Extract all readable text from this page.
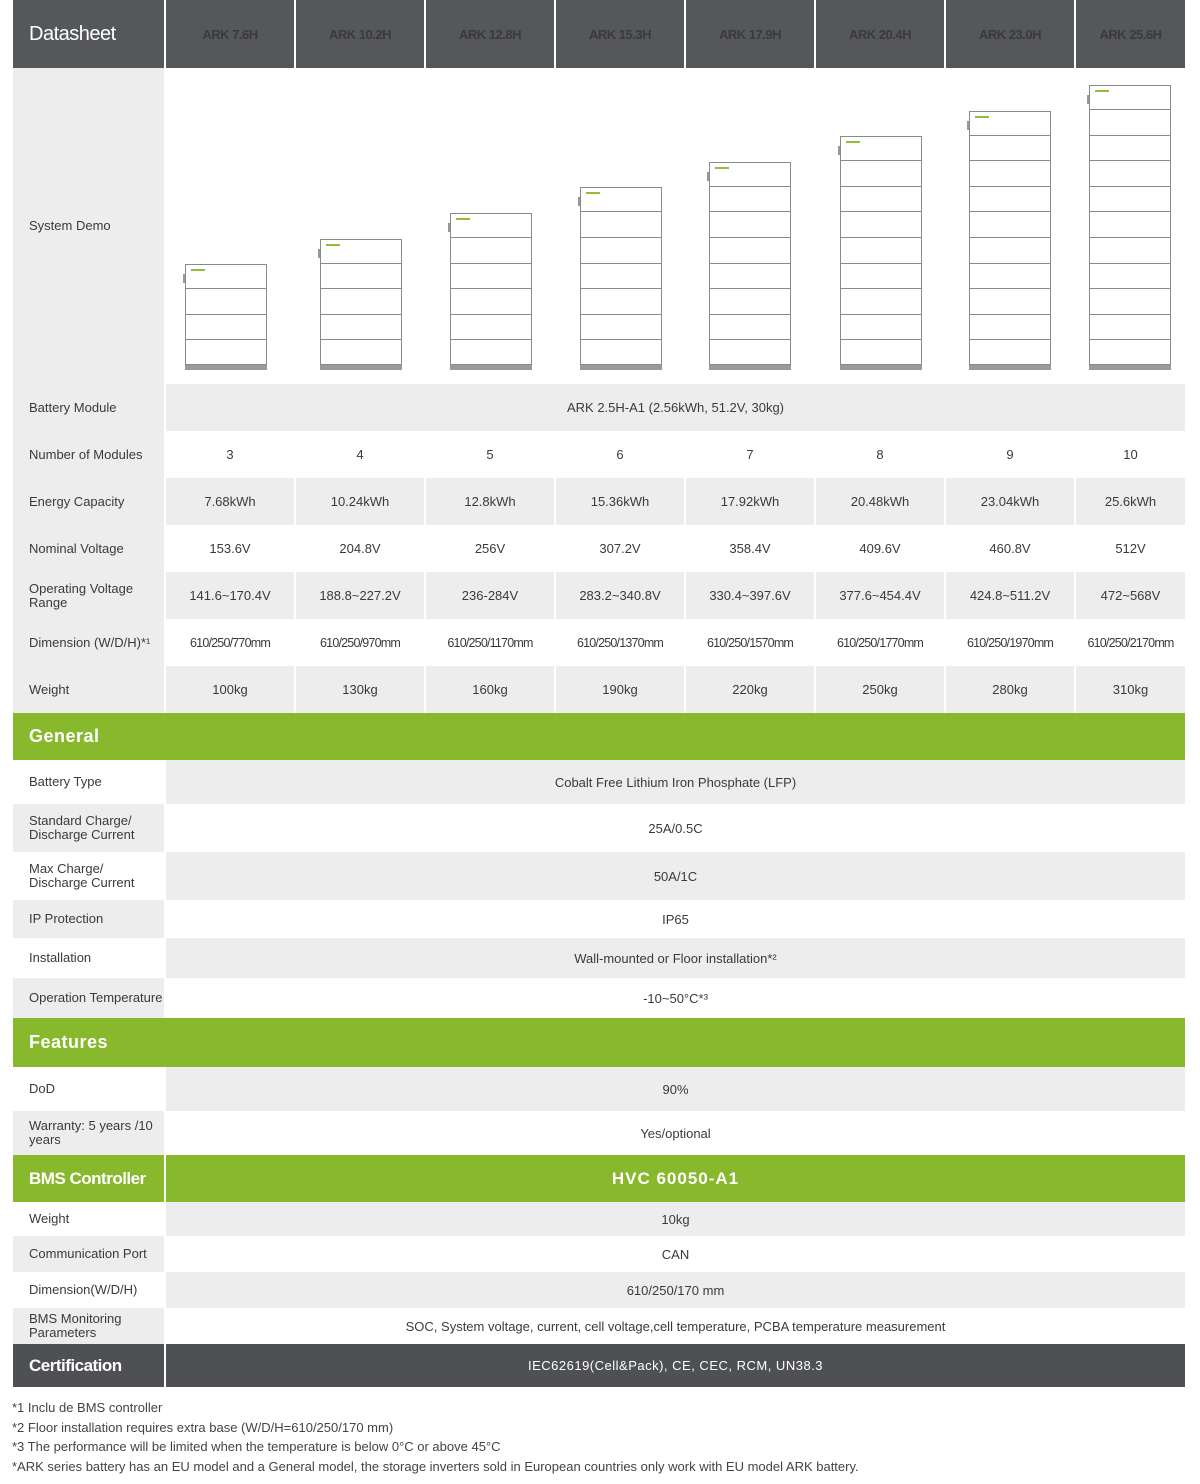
Datasheet	ARK 7.6H	ARK 10.2H	ARK 12.8H	ARK 15.3H	ARK 17.9H	ARK 20.4H	ARK 23.0H	ARK 25.6H
System Demo
Battery Module	ARK 2.5H-A1 (2.56kWh, 51.2V, 30kg)
Number of Modules	3	4	5	6	7	8	9	10
Energy Capacity	7.68kWh	10.24kWh	12.8kWh	15.36kWh	17.92kWh	20.48kWh	23.04kWh	25.6kWh
Nominal Voltage	153.6V	204.8V	256V	307.2V	358.4V	409.6V	460.8V	512V
Operating Voltage Range	141.6~170.4V	188.8~227.2V	236-284V	283.2~340.8V	330.4~397.6V	377.6~454.4V	424.8~511.2V	472~568V
Dimension (W/D/H)*¹	610/250/770mm	610/250/970mm	610/250/1170mm	610/250/1370mm	610/250/1570mm	610/250/1770mm	610/250/1970mm	610/250/2170mm
Weight	100kg	130kg	160kg	190kg	220kg	250kg	280kg	310kg
General
Battery Type	Cobalt Free Lithium Iron Phosphate (LFP)
Standard Charge/ Discharge Current	25A/0.5C
Max Charge/ Discharge Current	50A/1C
IP Protection	IP65
Installation	Wall-mounted or Floor installation*²
Operation Temperature	-10~50°C*³
Features
DoD	90%
Warranty: 5 years /10 years	Yes/optional
BMS Controller	HVC 60050-A1
Weight	10kg
Communication Port	CAN
Dimension(W/D/H)	610/250/170 mm
BMS Monitoring Parameters	SOC, System voltage, current, cell voltage,cell temperature, PCBA temperature measurement
Certification	IEC62619(Cell&Pack), CE, CEC, RCM, UN38.3
*1 Inclu de BMS controller
*2 Floor installation requires extra base (W/D/H=610/250/170 mm)
*3 The performance will be limited when the temperature is below 0°C or above 45°C
*ARK series battery has an EU model and a General model, the storage inverters sold in European countries only work with EU model ARK battery.
